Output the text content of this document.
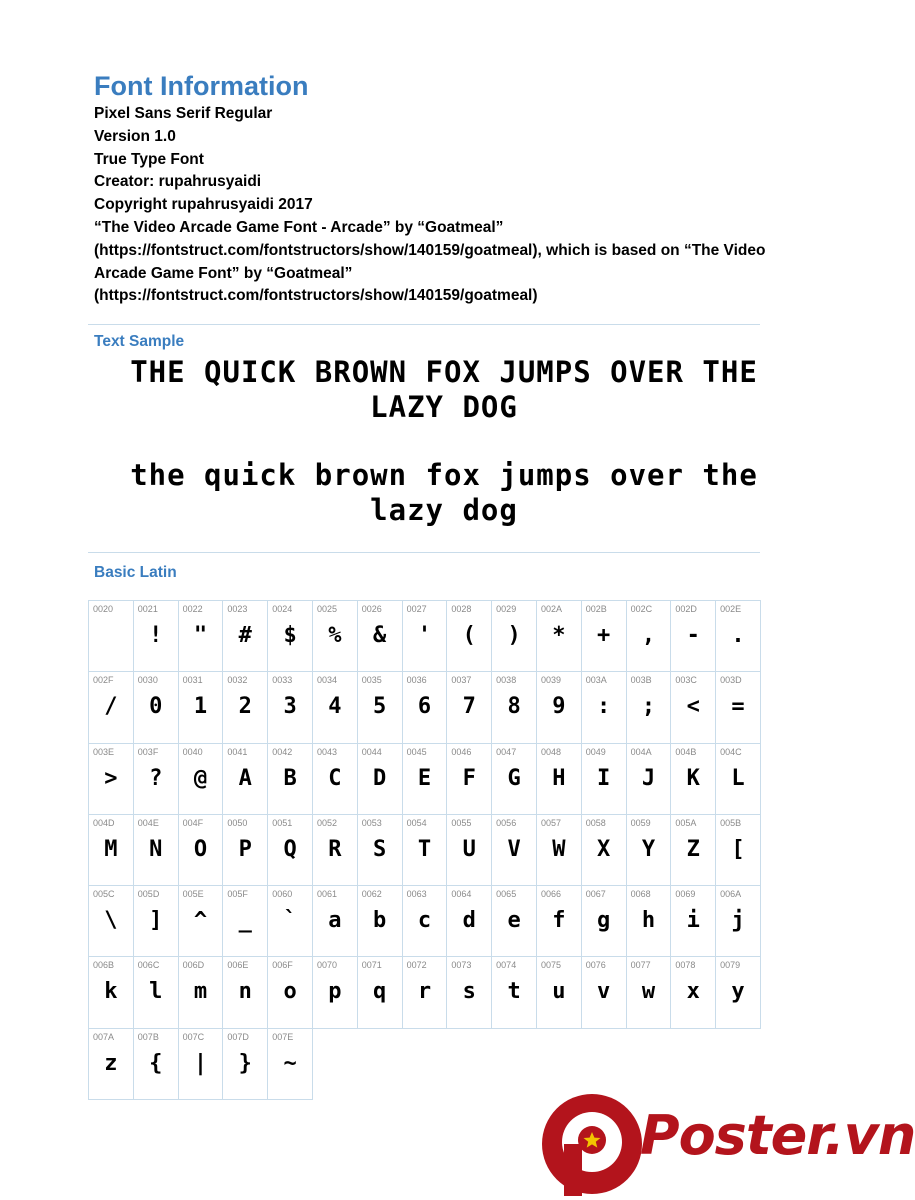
Font Information
Pixel Sans Serif Regular
Version 1.0
True Type Font
Creator: rupahrusyaidi
Copyright rupahrusyaidi 2017
“The Video Arcade Game Font - Arcade” by “Goatmeal” (https://fontstruct.com/fontstructors/show/140159/goatmeal), which is based on “The Video Arcade Game Font” by “Goatmeal” (https://fontstruct.com/fontstructors/show/140159/goatmeal)
Text Sample
THE QUICK BROWN FOX JUMPS OVER THE LAZY DOG
the quick brown fox jumps over the lazy dog
Basic Latin
0020	0021
!
0022
"
0023
#
0024
$
0025
%
0026
&
0027
'
0028
(
0029
)
002A
*
002B
+
002C
,
002D
-
002E
.
002F
/
0030
0
0031
1
0032
2
0033
3
0034
4
0035
5
0036
6
0037
7
0038
8
0039
9
003A
:
003B
;
003C
<
003D
=
003E
>
003F
?
0040
@
0041
A
0042
B
0043
C
0044
D
0045
E
0046
F
0047
G
0048
H
0049
I
004A
J
004B
K
004C
L
004D
M
004E
N
004F
O
0050
P
0051
Q
0052
R
0053
S
0054
T
0055
U
0056
V
0057
W
0058
X
0059
Y
005A
Z
005B
[
005C
\
005D
]
005E
^
005F
_
0060
`
0061
a
0062
b
0063
c
0064
d
0065
e
0066
f
0067
g
0068
h
0069
i
006A
j
006B
k
006C
l
006D
m
006E
n
006F
o
0070
p
0071
q
0072
r
0073
s
0074
t
0075
u
0076
v
0077
w
0078
x
0079
y
007A
z
007B
{
007C
|
007D
}
007E
~
Poster.vn
